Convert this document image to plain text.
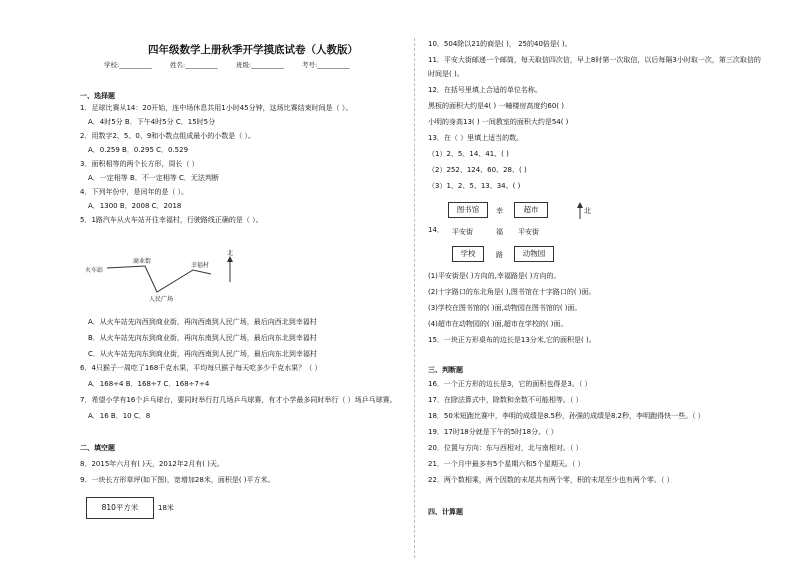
四年级数学上册秋季开学摸底试卷（人教版）
学校:__________	姓名:__________	班级:__________	考号:__________
一、选择题
1．足球比赛从14：20开始，连中场休息共用1小时45分钟，这场比赛结束时间是（ ）。
A．4时5分 B．下午4时5分 C．15时5分
2．用数字2、5、0、9和小数点组成最小的小数是（ ）。
A．0.259 B．0.295 C．0.529
3．面积相等的两个长方形，周长（ ）
A．一定相等 B．不一定相等 C．无法判断
4．下列年份中，是闰年的是（ ）。
A．1300 B．2008 C．2018
5．1路汽车从火车站开往幸福村，行驶路线正确的是（ ）。
火车站
商业街
人民广场
幸福村
北
A．从火车站先向西到商业街，再向西南到人民广场，最后向西北到幸福村
B．从火车站先向东到商业街，再向东南到人民广场，最后向东北到幸福村
C．从火车站先向东到商业街，再向西南到人民广场，最后向东北到幸福村
6．4只猴子一周吃了168千克水果，平均每只猴子每天吃多少千克水果？（ ）
A．168÷4 B．168÷7 C．168÷7÷4
7．希望小学有16个乒乓球台，要同时举行打几场乒乓球赛，有才小学最多同时举行（ ）场乒乓球赛。
A．16 B．10 C．8
二、填空题
8．2015年六月有( )天，2012年2月有( )天。
9．一块长方形草坪(如下图)，宽增加28米，面积是( )平方米。
810平方米	18米
10．504除以21的商是( )， 25的40倍是( )。
11．平安大街邮递一个邮筒，每天取信四次信，早上8时第一次取信，以后每隔3小时取一次，第三次取信的
时间是( )。
12．在括号里填上合适的单位名称。
黑板的面积大约是4( ) 一幢楼房高度约60( )
小明的身高13( ) 一间教室的面积大约是54( )
13．在（ ）里填上适当的数。
（1）2、5、14、41、( )
（2）252、124、60、28、( )
（3）1、2、5、13、34、( )
14．
图书馆	幸	超市	北
平安街	福 平安街
学校	路	动物园
(1)平安街是( )方向的,幸福路是( )方向的。
(2)十字路口的东北角是( ),图书馆在十字路口的( )面。
(3)学校在图书馆的( )面,动物园在图书馆的( )面。
(4)超市在动物园的( )面,超市在学校的( )面。
15．一块正方形桌布的边长是13分米,它的面积是( )。
三、判断题
16．一个正方形的边长是3，它的面积也得是3。（ ）
17．在除法算式中，除数和余数不可能相等。（ ）
18．50米短跑比赛中，李明的成绩是8.5秒，孙强的成绩是8.2秒，李明跑得快一些。（ ）
19．17时18分就是下午的5时18分。（ ）
20．位置与方向：东与西相对，北与南相对。（ ）
21．一个月中最多有5个星期六和5个星期天。（ ）
22．两个数相乘，两个因数的末尾共有两个零，积的末尾至少也有两个零。（ ）
四、计算题
